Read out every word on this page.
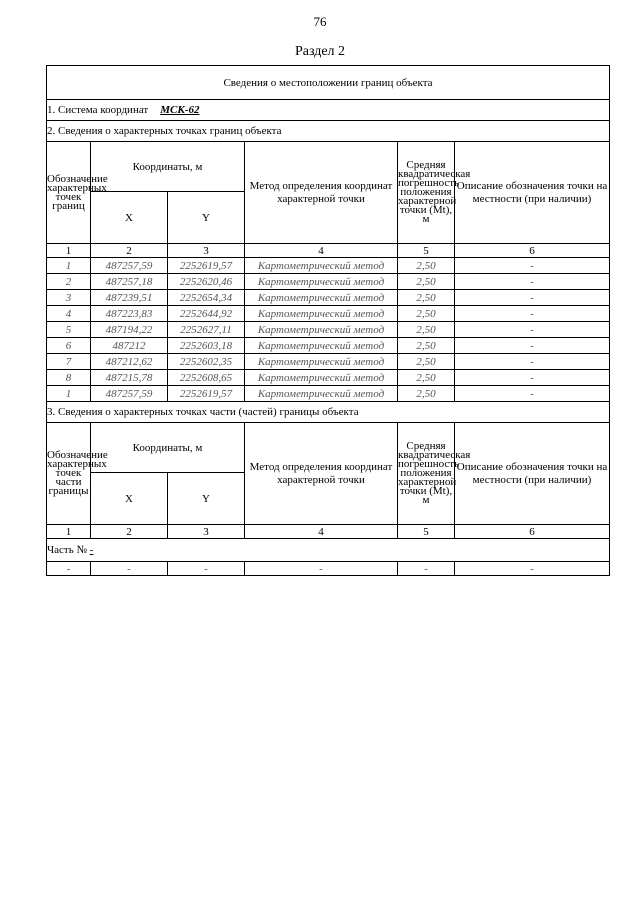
76
Раздел 2
Сведения о местоположении границ объекта					
1. Система координат МСК-62					
2. Сведения о характерных точках границ объекта					
Обозначение характерных точек границ	Координаты, м		Метод определения координат характерной точки	Средняя квадратическая погрешность положения характерной точки (Mt), м	Описание обозначения точки на местности (при наличии)
	X	Y			
1	2	3	4	5	6
1	487257,59	2252619,57	Картометрический метод	2,50	-
2	487257,18	2252620,46	Картометрический метод	2,50	-
3	487239,51	2252654,34	Картометрический метод	2,50	-
4	487223,83	2252644,92	Картометрический метод	2,50	-
5	487194,22	2252627,11	Картометрический метод	2,50	-
6	487212	2252603,18	Картометрический метод	2,50	-
7	487212,62	2252602,35	Картометрический метод	2,50	-
8	487215,78	2252608,65	Картометрический метод	2,50	-
1	487257,59	2252619,57	Картометрический метод	2,50	-
3. Сведения о характерных точках части (частей) границы объекта					
Обозначение характерных точек части границы	Координаты, м		Метод определения координат характерной точки	Средняя квадратическая погрешность положения характерной точки (Mt), м	Описание обозначения точки на местности (при наличии)
	X	Y			
1	2	3	4	5	6
Часть № -					
-	-	-	-	-	-
